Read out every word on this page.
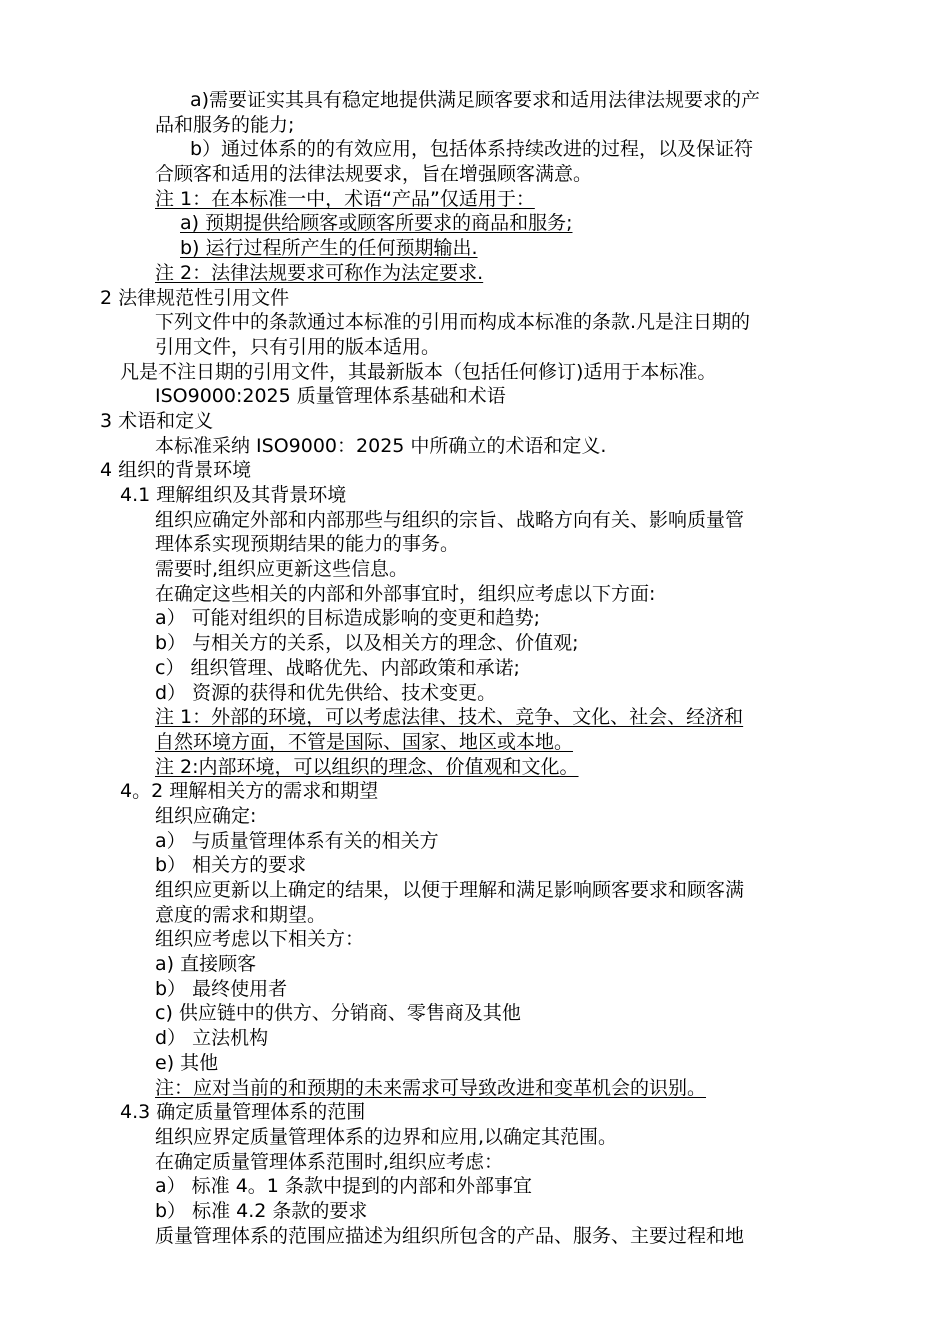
a)需要证实其具有稳定地提供满足顾客要求和适用法律法规要求的产
品和服务的能力;
b）通过体系的的有效应用，包括体系持续改进的过程，以及保证符
合顾客和适用的法律法规要求，旨在增强顾客满意。
注 1：在本标准一中，术语“产品”仅适用于：
a) 预期提供给顾客或顾客所要求的商品和服务;
b) 运行过程所产生的任何预期输出.
注 2：法律法规要求可称作为法定要求.
2 法律规范性引用文件
下列文件中的条款通过本标准的引用而构成本标准的条款.凡是注日期的
引用文件，只有引用的版本适用。
凡是不注日期的引用文件，其最新版本（包括任何修订)适用于本标准。
ISO9000:2025 质量管理体系基础和术语
3 术语和定义
本标准采纳 ISO9000：2025 中所确立的术语和定义.
4 组织的背景环境
4.1 理解组织及其背景环境
组织应确定外部和内部那些与组织的宗旨、战略方向有关、影响质量管
理体系实现预期结果的能力的事务。
需要时,组织应更新这些信息。
在确定这些相关的内部和外部事宜时，组织应考虑以下方面:
a） 可能对组织的目标造成影响的变更和趋势;
b） 与相关方的关系，以及相关方的理念、价值观;
c） 组织管理、战略优先、内部政策和承诺;
d） 资源的获得和优先供给、技术变更。
注 1：外部的环境，可以考虑法律、技术、竞争、文化、社会、经济和
自然环境方面，不管是国际、国家、地区或本地。
注 2:内部环境，可以组织的理念、价值观和文化。
4。2 理解相关方的需求和期望
组织应确定:
a） 与质量管理体系有关的相关方
b） 相关方的要求
组织应更新以上确定的结果，以便于理解和满足影响顾客要求和顾客满
意度的需求和期望。
组织应考虑以下相关方：
a) 直接顾客
b） 最终使用者
c) 供应链中的供方、分销商、零售商及其他
d） 立法机构
e) 其他
注：应对当前的和预期的未来需求可导致改进和变革机会的识别。
4.3 确定质量管理体系的范围
组织应界定质量管理体系的边界和应用,以确定其范围。
在确定质量管理体系范围时,组织应考虑：
a） 标准 4。1 条款中提到的内部和外部事宜
b） 标准 4.2 条款的要求
质量管理体系的范围应描述为组织所包含的产品、服务、主要过程和地
